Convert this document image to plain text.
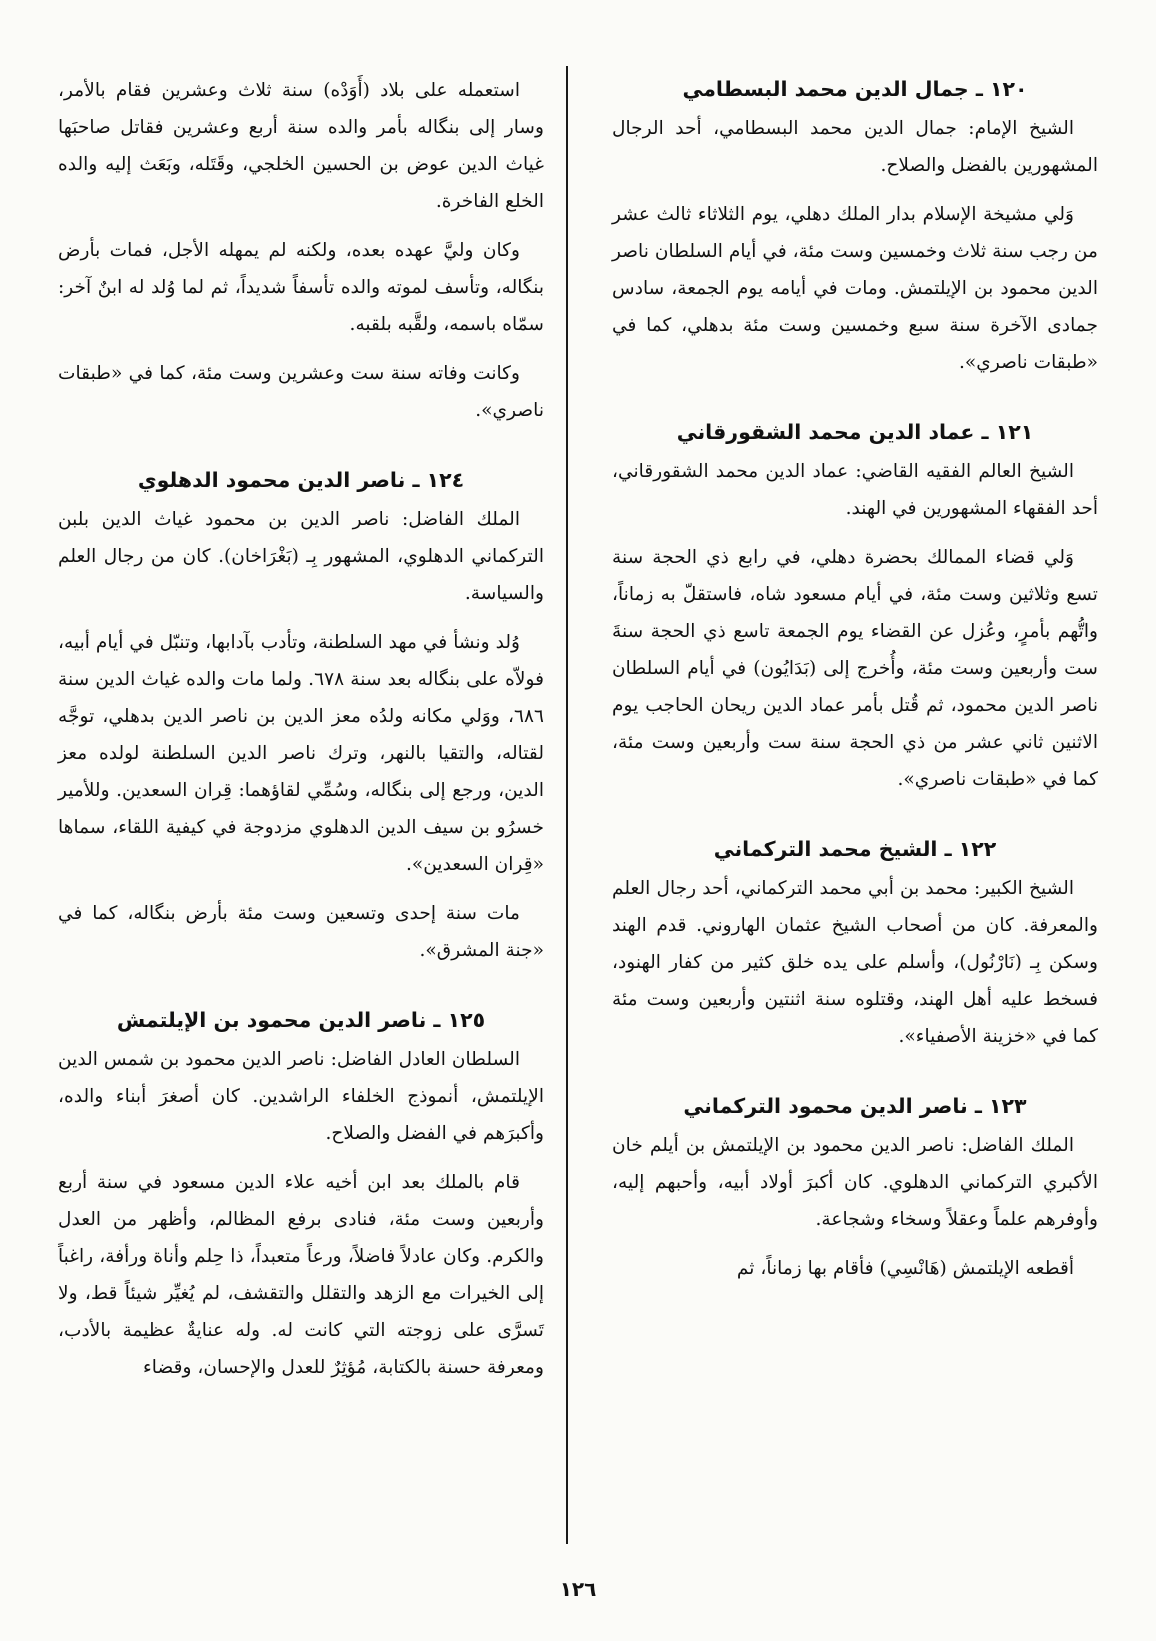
١٢٠ ـ جمال الدين محمد البسطامي

الشيخ الإمام: جمال الدين محمد البسطامي، أحد الرجال المشهورين بالفضل والصلاح.

وَلي مشيخة الإسلام بدار الملك دهلي، يوم الثلاثاء ثالث عشر من رجب سنة ثلاث وخمسين وست مئة، في أيام السلطان ناصر الدين محمود بن الإيلتمش. ومات في أيامه يوم الجمعة، سادس جمادى الآخرة سنة سبع وخمسين وست مئة بدهلي، كما في «طبقات ناصري».

١٢١ ـ عماد الدين محمد الشقورقاني

الشيخ العالم الفقيه القاضي: عماد الدين محمد الشقورقاني، أحد الفقهاء المشهورين في الهند.

وَلي قضاء الممالك بحضرة دهلي، في رابع ذي الحجة سنة تسع وثلاثين وست مئة، في أيام مسعود شاه، فاستقلّ به زماناً، واتُّهم بأمرٍ، وعُزل عن القضاء يوم الجمعة تاسع ذي الحجة سنةَ ست وأربعين وست مئة، وأُخرج إلى (بَدَايُون) في أيام السلطان ناصر الدين محمود، ثم قُتل بأمر عماد الدين ريحان الحاجب يوم الاثنين ثاني عشر من ذي الحجة سنة ست وأربعين وست مئة، كما في «طبقات ناصري».

١٢٢ ـ الشيخ محمد التركماني

الشيخ الكبير: محمد بن أبي محمد التركماني، أحد رجال العلم والمعرفة. كان من أصحاب الشيخ عثمان الهاروني. قدم الهند وسكن بِـ (نَارْنُول)، وأسلم على يده خلق كثير من كفار الهنود، فسخط عليه أهل الهند، وقتلوه سنة اثنتين وأربعين وست مئة كما في «خزينة الأصفياء».

١٢٣ ـ ناصر الدين محمود التركماني

الملك الفاضل: ناصر الدين محمود بن الإيلتمش بن أيلم خان الأكبري التركماني الدهلوي. كان أكبرَ أولاد أبيه، وأحبهم إليه، وأوفرهم علماً وعقلاً وسخاء وشجاعة.

أقطعه الإيلتمش (هَانْسِي) فأقام بها زماناً، ثم

استعمله على بلاد (أَوَدْه) سنة ثلاث وعشرين فقام بالأمر، وسار إلى بنگاله بأمر والده سنة أربع وعشرين فقاتل صاحبَها غياث الدين عوض بن الحسين الخلجي، وقَتَله، وبَعَث إليه والده الخلع الفاخرة.

وكان وليَّ عهده بعده، ولكنه لم يمهله الأجل، فمات بأرض بنگاله، وتأسف لموته والده تأسفاً شديداً، ثم لما وُلد له ابنٌ آخر: سمّاه باسمه، ولقَّبه بلقبه.

وكانت وفاته سنة ست وعشرين وست مئة، كما في «طبقات ناصري».

١٢٤ ـ ناصر الدين محمود الدهلوي

الملك الفاضل: ناصر الدين بن محمود غياث الدين بلبن التركماني الدهلوي، المشهور بِـ (بَغْرَاخان). كان من رجال العلم والسياسة.

وُلد ونشأ في مهد السلطنة، وتأدب بآدابها، وتنبّل في أيام أبيه، فولاّه على بنگاله بعد سنة ٦٧٨. ولما مات والده غياث الدين سنة ٦٨٦، ووَلي مكانه ولدُه معز الدين بن ناصر الدين بدهلي، توجَّه لقتاله، والتقيا بالنهر، وترك ناصر الدين السلطنة لولده معز الدين، ورجع إلى بنگاله، وسُمِّي لقاؤهما: قِران السعدين. وللأمير خسرُو بن سيف الدين الدهلوي مزدوجة في كيفية اللقاء، سماها «قِران السعدين».

مات سنة إحدى وتسعين وست مئة بأرض بنگاله، كما في «جنة المشرق».

١٢٥ ـ ناصر الدين محمود بن الإيلتمش

السلطان العادل الفاضل: ناصر الدين محمود بن شمس الدين الإيلتمش، أنموذج الخلفاء الراشدين. كان أصغرَ أبناء والده، وأكبرَهم في الفضل والصلاح.

قام بالملك بعد ابن أخيه علاء الدين مسعود في سنة أربع وأربعين وست مئة، فنادى برفع المظالم، وأظهر من العدل والكرم. وكان عادلاً فاضلاً، ورعاً متعبداً، ذا حِلم وأناة ورأفة، راغباً إلى الخيرات مع الزهد والتقلل والتقشف، لم يُغيِّر شيئاً قط، ولا تَسرَّى على زوجته التي كانت له. وله عنايةٌ عظيمة بالأدب، ومعرفة حسنة بالكتابة، مُؤثِرٌ للعدل والإحسان، وقضاء

١٢٦
